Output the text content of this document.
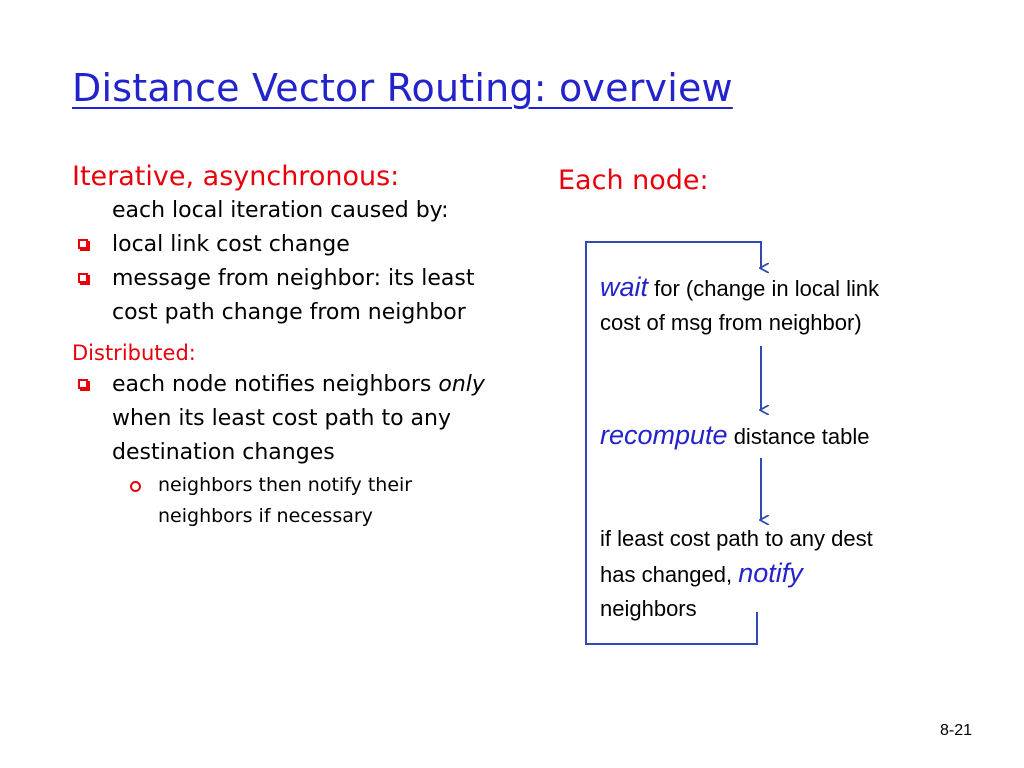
Distance Vector Routing: overview
Iterative, asynchronous:
each local iteration caused by:
local link cost change
message from neighbor: its least cost path change from neighbor
Distributed:
each node notifies neighbors only when its least cost path to any destination changes
neighbors then notify their neighbors if necessary
Each node:
wait for (change in local link
cost of msg from neighbor)
recompute distance table
if least cost path to any dest
has changed, notify
neighbors
8-21
